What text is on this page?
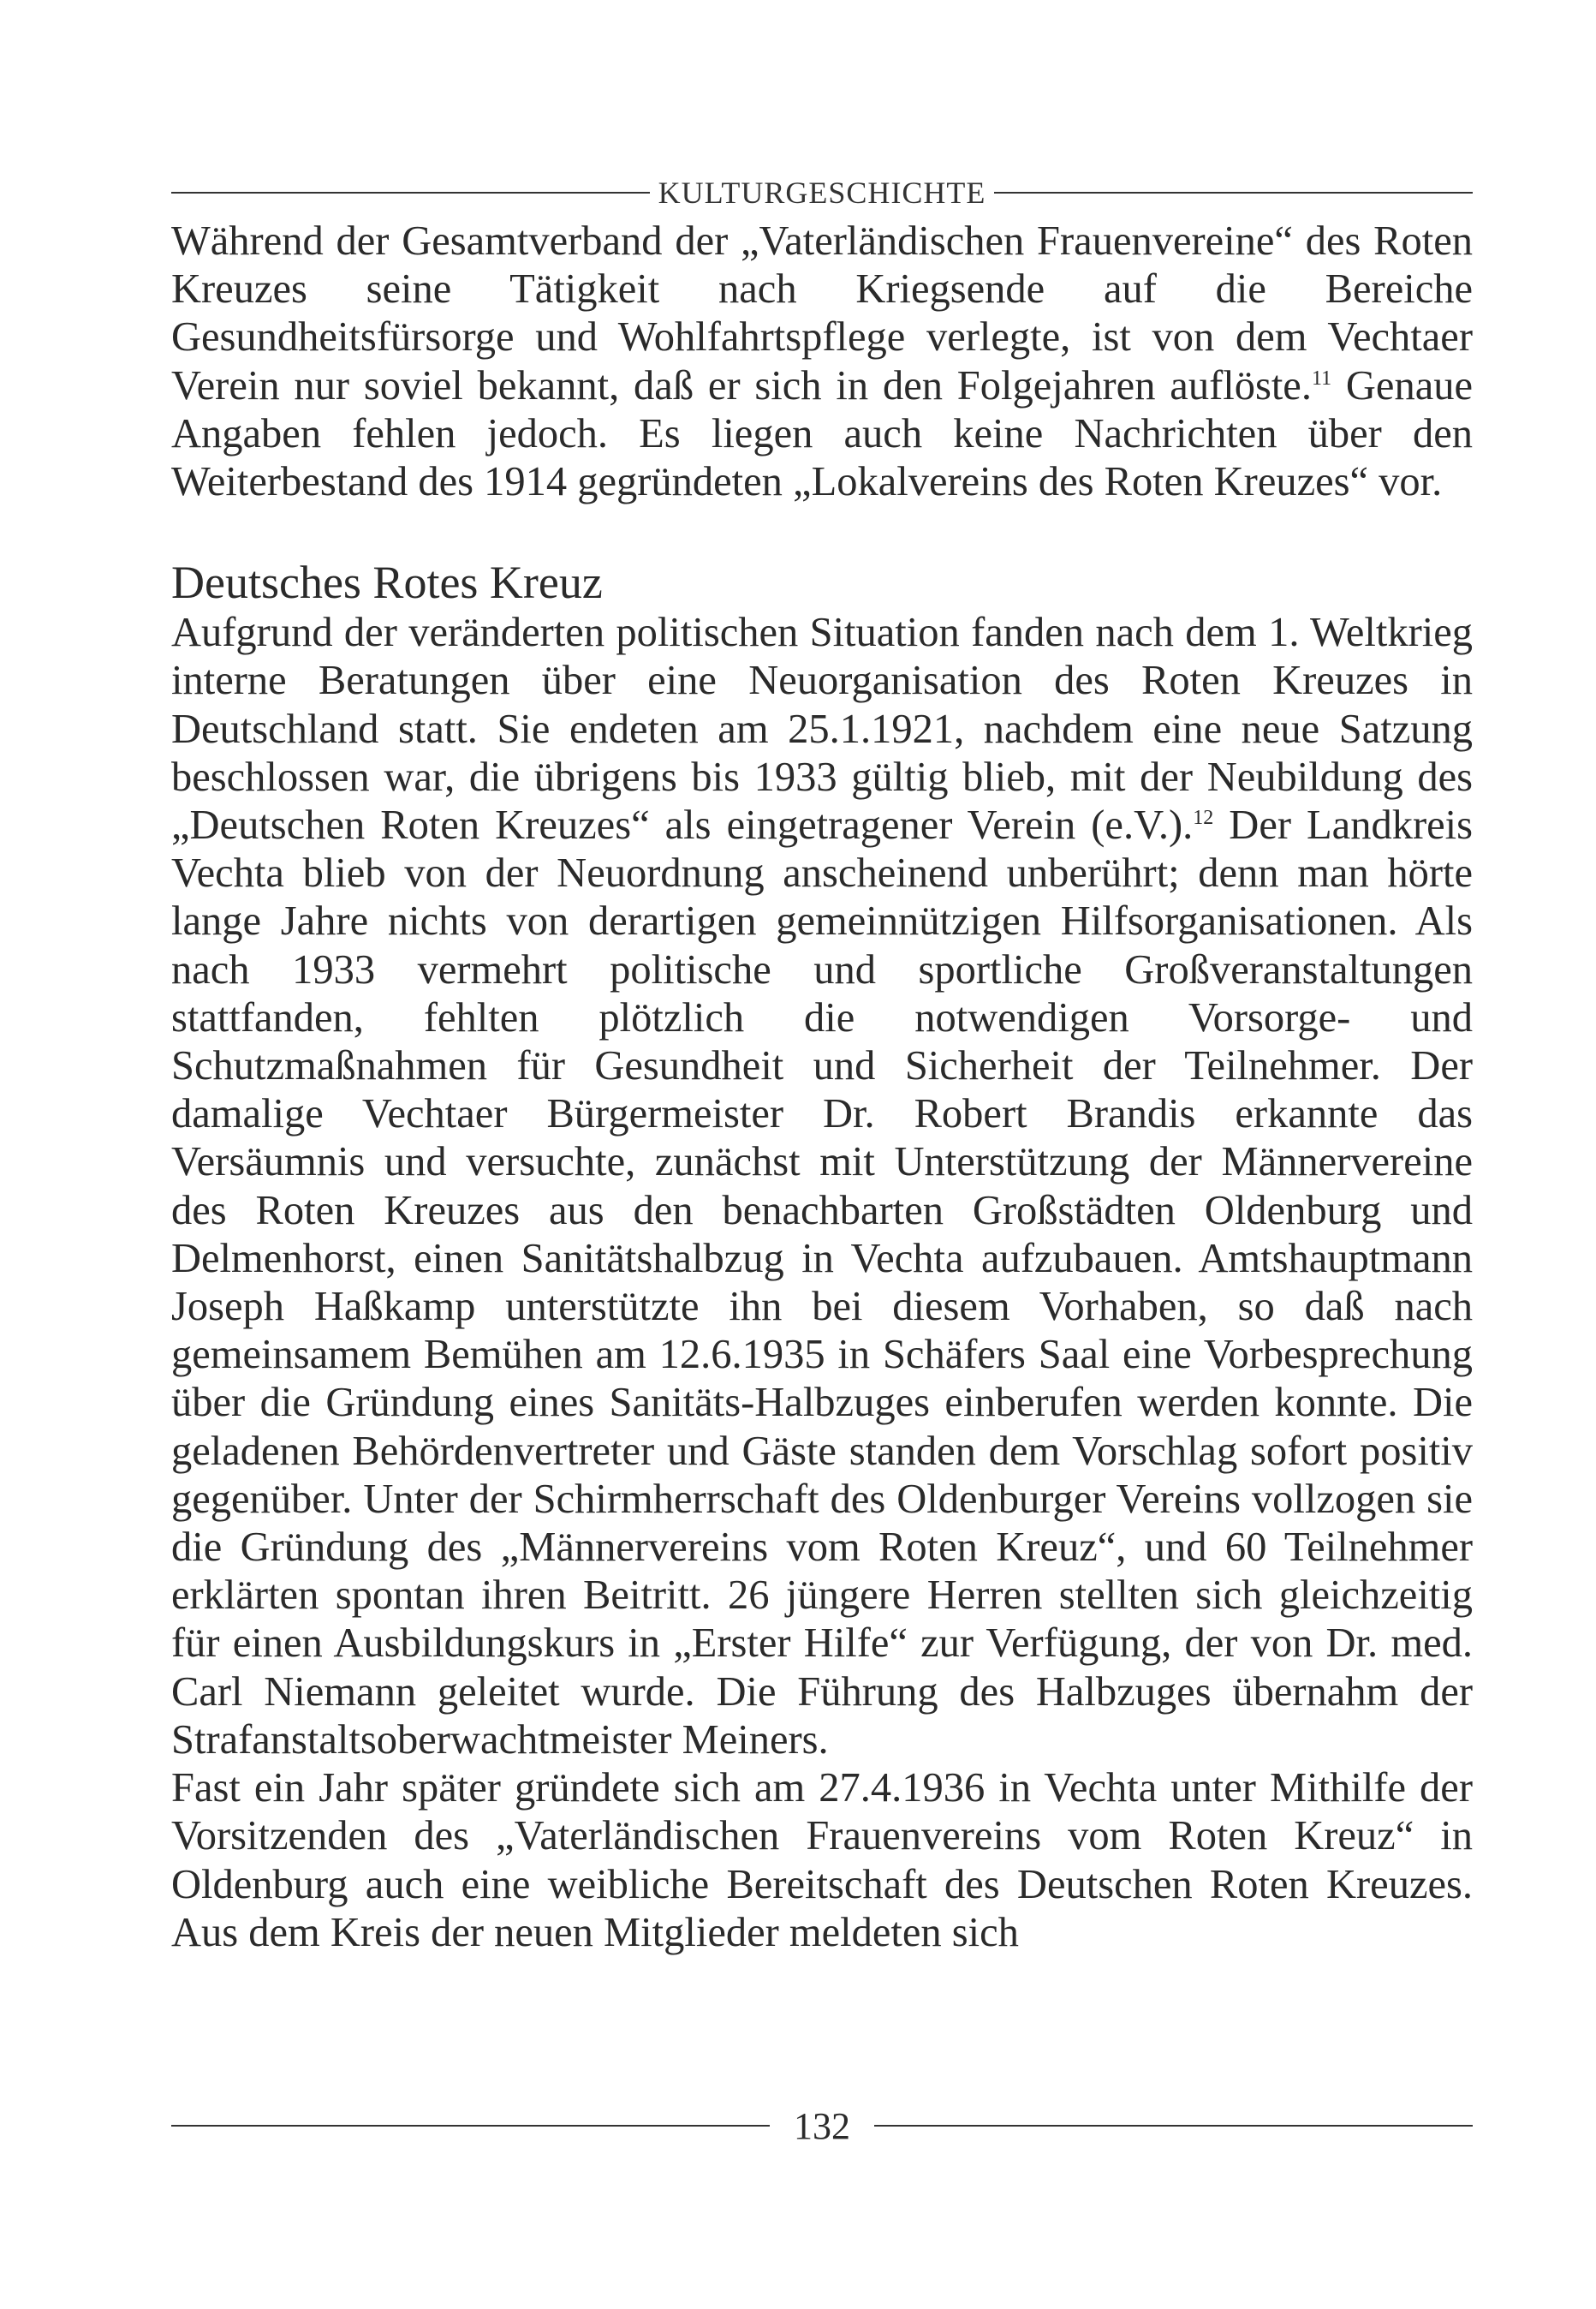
KULTURGESCHICHTE

Während der Gesamtverband der „Vaterländischen Frauenvereine“ des Roten Kreuzes seine Tätigkeit nach Kriegsende auf die Bereiche Gesundheitsfürsorge und Wohlfahrtspflege verlegte, ist von dem Vechtaer Verein nur soviel bekannt, daß er sich in den Folgejahren auflöste.$^{11}$ Genaue Angaben fehlen jedoch. Es liegen auch keine Nachrichten über den Weiterbestand des 1914 gegründeten „Lokalvereins des Roten Kreuzes“ vor.

Deutsches Rotes Kreuz

Aufgrund der veränderten politischen Situation fanden nach dem 1. Weltkrieg interne Beratungen über eine Neuorganisation des Roten Kreuzes in Deutschland statt. Sie endeten am 25.1.1921, nachdem eine neue Satzung beschlossen war, die übrigens bis 1933 gültig blieb, mit der Neubildung des „Deutschen Roten Kreuzes“ als eingetragener Verein (e.V.).$^{12}$ Der Landkreis Vechta blieb von der Neuordnung anscheinend unberührt; denn man hörte lange Jahre nichts von derartigen gemeinnützigen Hilfsorganisationen. Als nach 1933 vermehrt politische und sportliche Großveranstaltungen stattfanden, fehlten plötzlich die notwendigen Vorsorge- und Schutzmaßnahmen für Gesundheit und Sicherheit der Teilnehmer. Der damalige Vechtaer Bürgermeister Dr. Robert Brandis erkannte das Versäumnis und versuchte, zunächst mit Unterstützung der Männervereine des Roten Kreuzes aus den benachbarten Großstädten Oldenburg und Delmenhorst, einen Sanitätshalbzug in Vechta aufzubauen. Amtshauptmann Joseph Haßkamp unterstützte ihn bei diesem Vorhaben, so daß nach gemeinsamem Bemühen am 12.6.1935 in Schäfers Saal eine Vorbesprechung über die Gründung eines Sanitäts-Halbzuges einberufen werden konnte. Die geladenen Behördenvertreter und Gäste standen dem Vorschlag sofort positiv gegenüber. Unter der Schirmherrschaft des Oldenburger Vereins vollzogen sie die Gründung des „Männervereins vom Roten Kreuz“, und 60 Teilnehmer erklärten spontan ihren Beitritt. 26 jüngere Herren stellten sich gleichzeitig für einen Ausbildungskurs in „Erster Hilfe“ zur Verfügung, der von Dr. med. Carl Niemann geleitet wurde. Die Führung des Halbzuges übernahm der Strafanstaltsoberwachtmeister Meiners.

Fast ein Jahr später gründete sich am 27.4.1936 in Vechta unter Mithilfe der Vorsitzenden des „Vaterländischen Frauenvereins vom Roten Kreuz“ in Oldenburg auch eine weibliche Bereitschaft des Deutschen Roten Kreuzes. Aus dem Kreis der neuen Mitglieder meldeten sich

132
